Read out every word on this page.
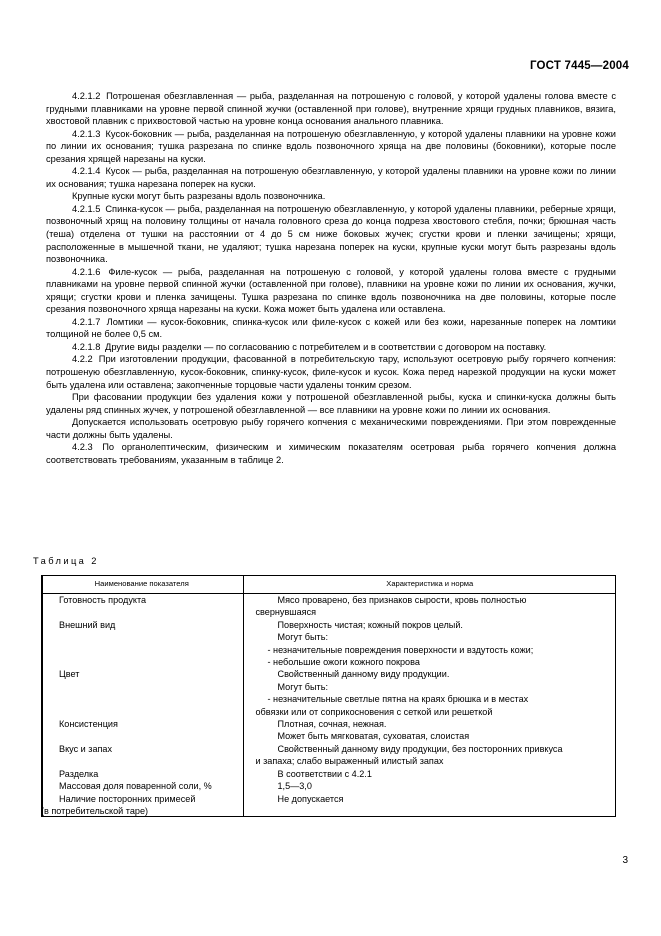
ГОСТ 7445—2004

4.2.1.2 Потрошеная обезглавленная — рыба, разделанная на потрошеную с головой, у которой удалены голова вместе с грудными плавниками на уровне первой спинной жучки (оставленной при голове), внутренние хрящи грудных плавников, вязига, хвостовой плавник с прихвостовой частью на уровне конца основания анального плавника.

4.2.1.3 Кусок-боковник — рыба, разделанная на потрошеную обезглавленную, у которой удалены плавники на уровне кожи по линии их основания; тушка разрезана по спинке вдоль позвоночного хряща на две половины (боковники), которые после срезания хрящей нарезаны на куски.

4.2.1.4 Кусок — рыба, разделанная на потрошеную обезглавленную, у которой удалены плавники на уровне кожи по линии их основания; тушка нарезана поперек на куски.

Крупные куски могут быть разрезаны вдоль позвоночника.

4.2.1.5 Спинка-кусок — рыба, разделанная на потрошеную обезглавленную, у которой удалены плавники, реберные хрящи, позвоночный хрящ на половину толщины от начала головного среза до конца подреза хвостового стебля, почки; брюшная часть (теша) отделена от тушки на расстоянии от 4 до 5 см ниже боковых жучек; сгустки крови и пленки зачищены; хрящи, расположенные в мышечной ткани, не удаляют; тушка нарезана поперек на куски, крупные куски могут быть разрезаны вдоль позвоночника.

4.2.1.6 Филе-кусок — рыба, разделанная на потрошеную с головой, у которой удалены голова вместе с грудными плавниками на уровне первой спинной жучки (оставленной при голове), плавники на уровне кожи по линии их основания, жучки, хрящи; сгустки крови и пленка зачищены. Тушка разрезана по спинке вдоль позвоночника на две половины, которые после срезания позвоночного хряща нарезаны на куски. Кожа может быть удалена или оставлена.

4.2.1.7 Ломтики — кусок-боковник, спинка-кусок или филе-кусок с кожей или без кожи, нарезанные поперек на ломтики толщиной не более 0,5 см.

4.2.1.8 Другие виды разделки — по согласованию с потребителем и в соответствии с договором на поставку.

4.2.2 При изготовлении продукции, фасованной в потребительскую тару, используют осетровую рыбу горячего копчения: потрошеную обезглавленную, кусок-боковник, спинку-кусок, филе-кусок и кусок. Кожа перед нарезкой продукции на куски может быть удалена или оставлена; закопченные торцовые части удалены тонким срезом.

При фасовании продукции без удаления кожи у потрошеной обезглавленной рыбы, куска и спинки-куска должны быть удалены ряд спинных жучек, у потрошеной обезглавленной — все плавники на уровне кожи по линии их основания.

Допускается использовать осетровую рыбу горячего копчения с механическими повреждениями. При этом поврежденные части должны быть удалены.

4.2.3 По органолептическим, физическим и химическим показателям осетровая рыба горячего копчения должна соответствовать требованиям, указанным в таблице 2.

Таблица 2
Наименование показателя	Характеристика и норма

Готовность продукта	Мясо проварено, без признаков сырости, кровь полностью
свернувшаяся

Внешний вид	Поверхность чистая; кожный покров целый.
Могут быть:
- незначительные повреждения поверхности и вздутость кожи;
- небольшие ожоги кожного покрова

Цвет	Свойственный данному виду продукции.
Могут быть:
- незначительные светлые пятна на краях брюшка и в местах
обвязки или от соприкосновения с сеткой или решеткой

Консистенция	Плотная, сочная, нежная.
Может быть мягковатая, суховатая, слоистая

Вкус и запах	Свойственный данному виду продукции, без посторонних привкуса
и запаха; слабо выраженный илистый запах

Разделка	В соответствии с 4.2.1

Массовая доля поваренной соли, %	1,5—3,0

Наличие посторонних примесей
(в потребительской таре)	Не допускается
3
